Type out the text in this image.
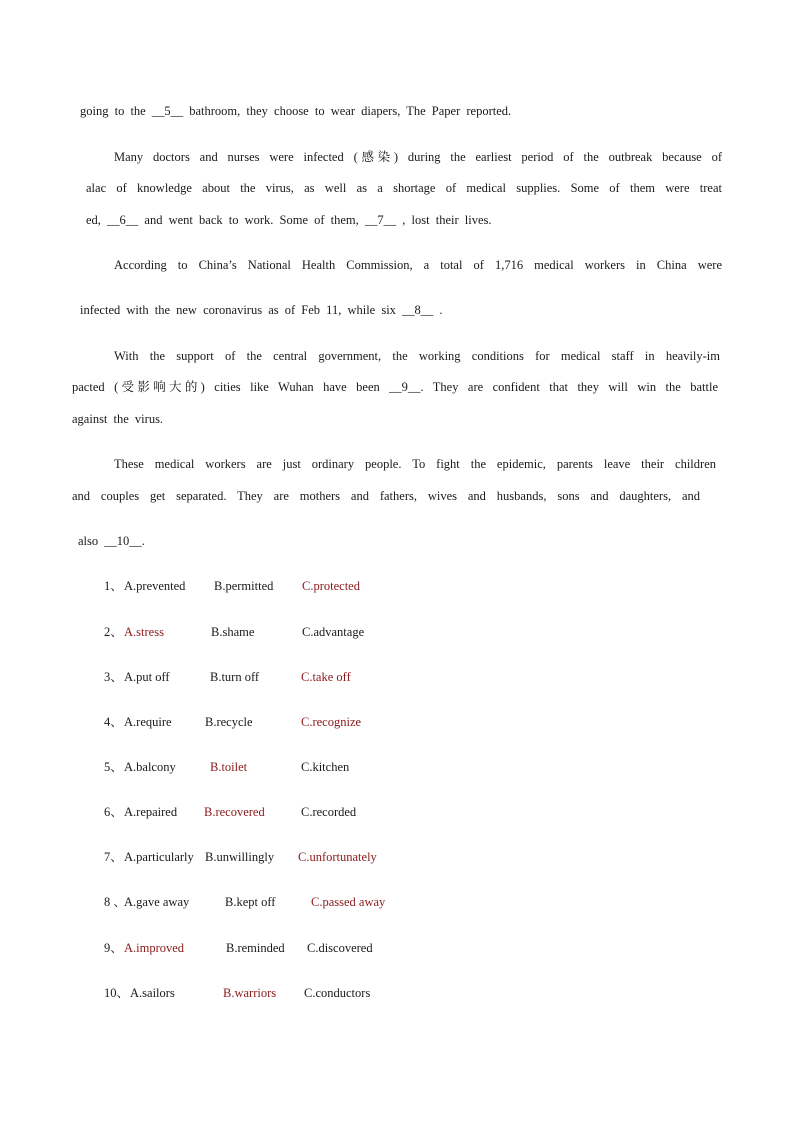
going to the __5__ bathroom, they choose to wear diapers, The Paper reported.
Many doctors and nurses were infected (感染) during the earliest period of the outbreak because of
alac of knowledge about the virus, as well as a shortage of medical supplies. Some of them were treat
ed, __6__ and went back to work. Some of them, __7__ , lost their lives.
According to China’s National Health Commission, a total of 1,716 medical workers in China were
infected with the new coronavirus as of Feb 11, while six __8__ .
With the support of the central government, the working conditions for medical staff in heavily-im
pacted (受影响大的) cities like Wuhan have been __9__. They are confident that they will win the battle
against the virus.
These medical workers are just ordinary people. To fight the epidemic, parents leave their children
and couples get separated. They are mothers and fathers, wives and husbands, sons and daughters, and
also __10__.
1、 A.prevented B.permitted C.protected
2、 A.stress	B.shame	C.advantage
3、 A.put off	B.turn off	C.take off
4、 A.require	B.recycle	C.recognize
5、 A.balcony	B.toilet	C.kitchen
6、 A.repaired B.recovered	C.recorded
7、 A.particularly B.unwillingly C.unfortunately
8 、
A.gave away	B.kept off	C.passed away
9、 A.improved	B.reminded C.discovered
10、 A.sailors	B.warriors C.conductors
